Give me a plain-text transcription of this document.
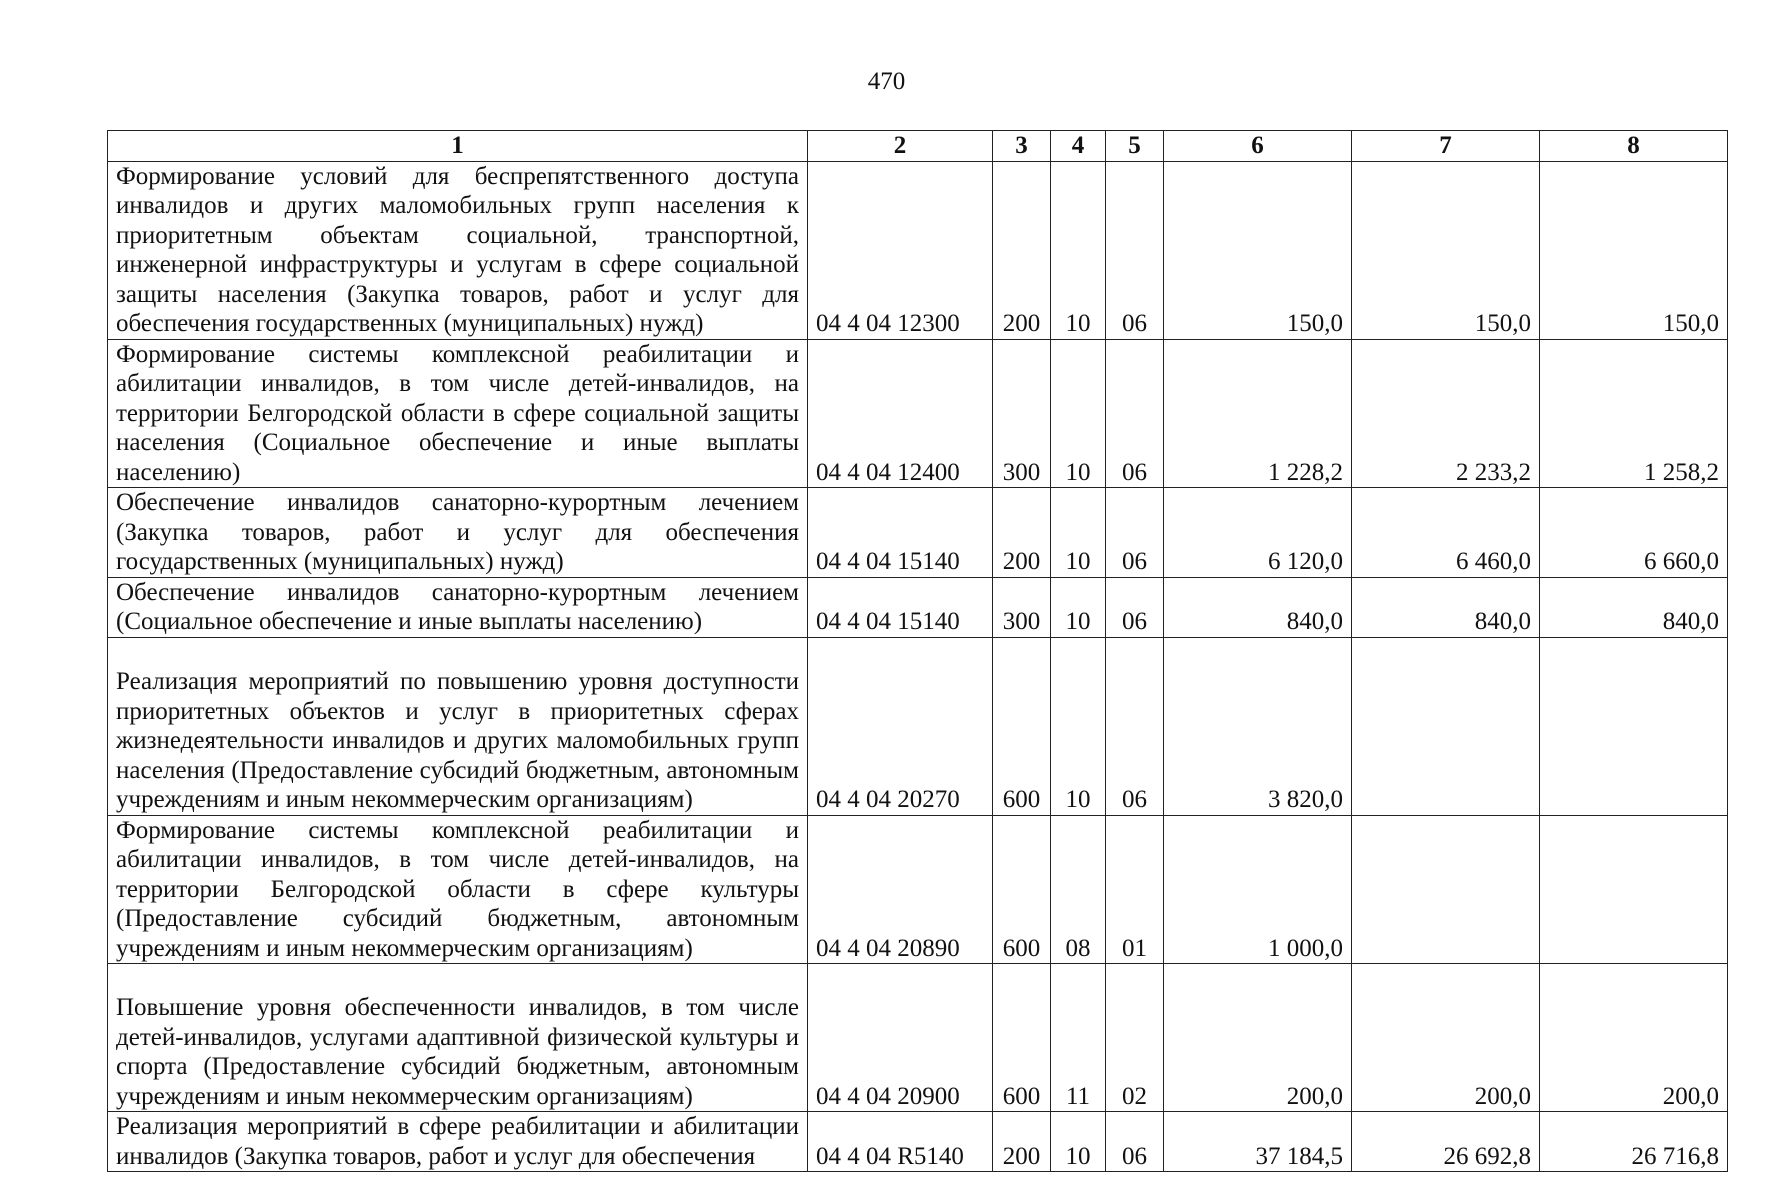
470
1	2	3	4	5	6	7	8
Формирование условий для беспрепятственного доступа инвалидов и других маломобильных групп населения к приоритетным объектам социальной, транспортной, инженерной инфраструктуры и услугам в сфере социальной защиты населения (Закупка товаров, работ и услуг для обеспечения государственных (муниципальных) нужд)	04 4 04 12300	200	10	06	150,0	150,0	150,0
Формирование системы комплексной реабилитации и абилитации инвалидов, в том числе детей-инвалидов, на территории Белгородской области в сфере социальной защиты населения (Социальное обеспечение и иные выплаты населению)	04 4 04 12400	300	10	06	1 228,2	2 233,2	1 258,2
Обеспечение инвалидов санаторно-курортным лечением (Закупка товаров, работ и услуг для обеспечения государственных (муниципальных) нужд)	04 4 04 15140	200	10	06	6 120,0	6 460,0	6 660,0
Обеспечение инвалидов санаторно-курортным лечением (Социальное обеспечение и иные выплаты населению)	04 4 04 15140	300	10	06	840,0	840,0	840,0
Реализация мероприятий по повышению уровня доступности приоритетных объектов и услуг в приоритетных сферах жизнедеятельности инвалидов и других маломобильных групп населения (Предоставление субсидий бюджетным, автономным учреждениям и иным некоммерческим организациям)	04 4 04 20270	600	10	06	3 820,0		
Формирование системы комплексной реабилитации и абилитации инвалидов, в том числе детей-инвалидов, на территории Белгородской области в сфере культуры (Предоставление субсидий бюджетным, автономным учреждениям и иным некоммерческим организациям)	04 4 04 20890	600	08	01	1 000,0		
Повышение уровня обеспеченности инвалидов, в том числе детей-инвалидов, услугами адаптивной физической культуры и спорта (Предоставление субсидий бюджетным, автономным учреждениям и иным некоммерческим организациям)	04 4 04 20900	600	11	02	200,0	200,0	200,0
Реализация мероприятий в сфере реабилитации и абилитации инвалидов (Закупка товаров, работ и услуг для обеспечения	04 4 04 R5140	200	10	06	37 184,5	26 692,8	26 716,8
